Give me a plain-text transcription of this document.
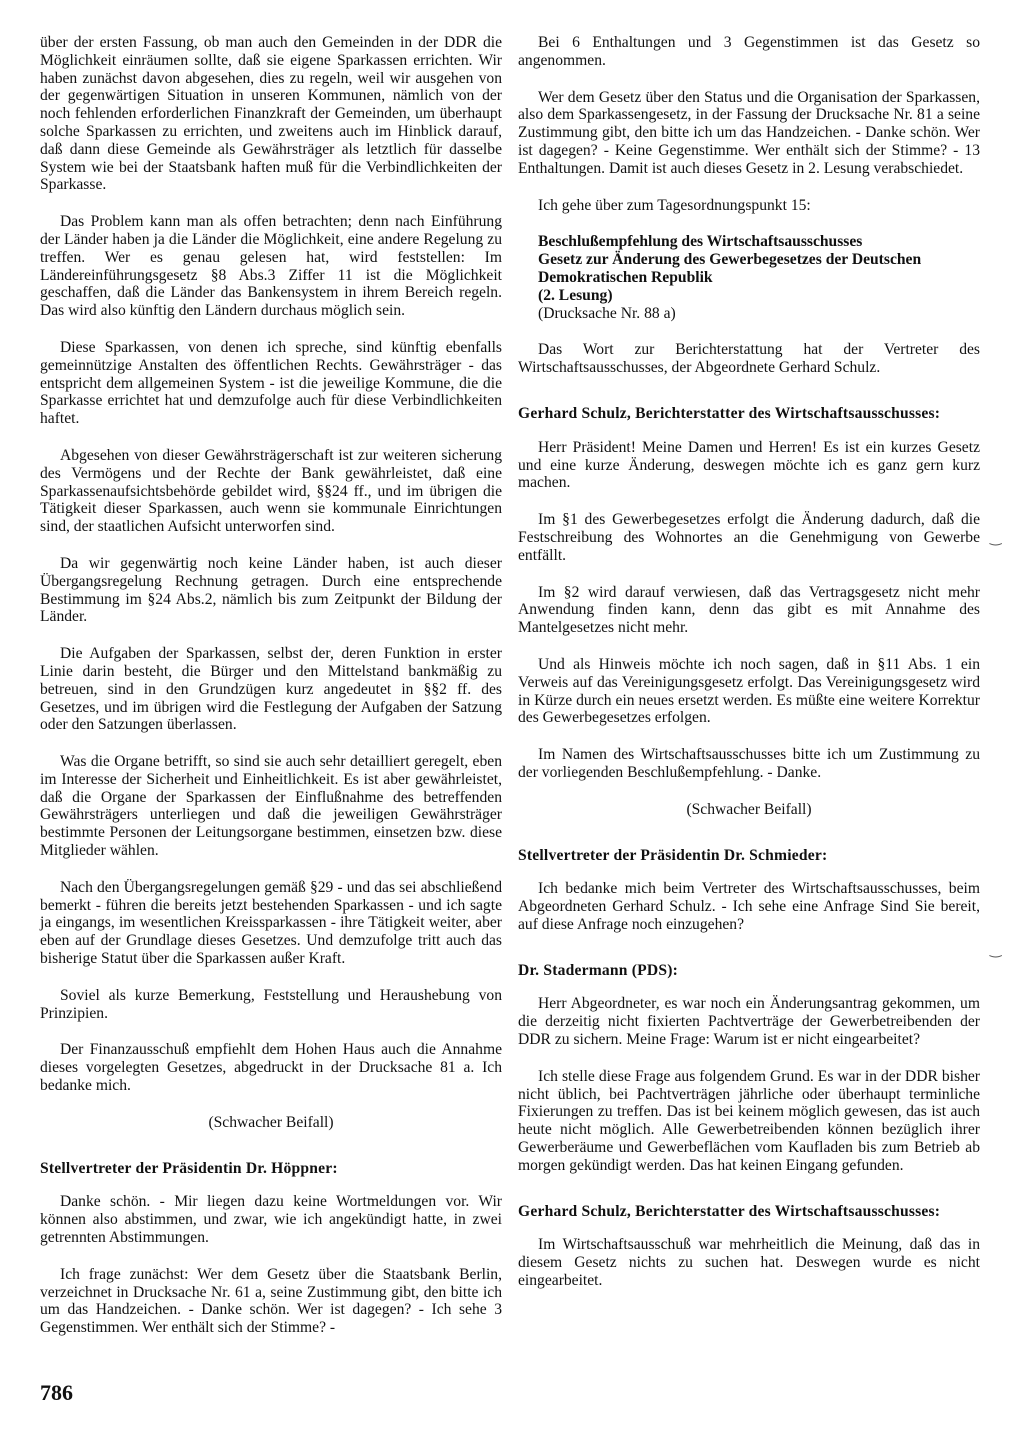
über der ersten Fassung, ob man auch den Gemeinden in der DDR die Möglichkeit einräumen sollte, daß sie eigene Sparkassen errichten. Wir haben zunächst davon abgesehen, dies zu regeln, weil wir ausgehen von der gegenwärtigen Situation in unseren Kommunen, nämlich von der noch fehlenden erforderlichen Finanzkraft der Gemeinden, um überhaupt solche Sparkassen zu errichten, und zweitens auch im Hinblick darauf, daß dann diese Gemeinde als Gewährsträger als letztlich für dasselbe System wie bei der Staatsbank haften muß für die Verbindlichkeiten der Sparkasse.

Das Problem kann man als offen betrachten; denn nach Einführung der Länder haben ja die Länder die Möglichkeit, eine andere Regelung zu treffen. Wer es genau gelesen hat, wird feststellen: Im Ländereinführungsgesetz §8 Abs.3 Ziffer 11 ist die Möglichkeit geschaffen, daß die Länder das Bankensystem in ihrem Bereich regeln. Das wird also künftig den Ländern durchaus möglich sein.

Diese Sparkassen, von denen ich spreche, sind künftig ebenfalls gemeinnützige Anstalten des öffentlichen Rechts. Gewährsträger - das entspricht dem allgemeinen System - ist die jeweilige Kommune, die die Sparkasse errichtet hat und demzufolge auch für diese Verbindlichkeiten haftet.

Abgesehen von dieser Gewährsträgerschaft ist zur weiteren sicherung des Vermögens und der Rechte der Bank gewährleistet, daß eine Sparkassenaufsichtsbehörde gebildet wird, §§24 ff., und im übrigen die Tätigkeit dieser Sparkassen, auch wenn sie kommunale Einrichtungen sind, der staatlichen Aufsicht unterworfen sind.

Da wir gegenwärtig noch keine Länder haben, ist auch dieser Übergangsregelung Rechnung getragen. Durch eine entsprechende Bestimmung im §24 Abs.2, nämlich bis zum Zeitpunkt der Bildung der Länder.

Die Aufgaben der Sparkassen, selbst der, deren Funktion in erster Linie darin besteht, die Bürger und den Mittelstand bankmäßig zu betreuen, sind in den Grundzügen kurz angedeutet in §§2 ff. des Gesetzes, und im übrigen wird die Festlegung der Aufgaben der Satzung oder den Satzungen überlassen.

Was die Organe betrifft, so sind sie auch sehr detailliert geregelt, eben im Interesse der Sicherheit und Einheitlichkeit. Es ist aber gewährleistet, daß die Organe der Sparkassen der Einflußnahme des betreffenden Gewährsträgers unterliegen und daß die jeweiligen Gewährsträger bestimmte Personen der Leitungsorgane bestimmen, einsetzen bzw. diese Mitglieder wählen.

Nach den Übergangsregelungen gemäß §29 - und das sei abschließend bemerkt - führen die bereits jetzt bestehenden Sparkassen - und ich sagte ja eingangs, im wesentlichen Kreissparkassen - ihre Tätigkeit weiter, aber eben auf der Grundlage dieses Gesetzes. Und demzufolge tritt auch das bisherige Statut über die Sparkassen außer Kraft.

Soviel als kurze Bemerkung, Feststellung und Heraushebung von Prinzipien.

Der Finanzausschuß empfiehlt dem Hohen Haus auch die Annahme dieses vorgelegten Gesetzes, abgedruckt in der Drucksache 81 a. Ich bedanke mich.

(Schwacher Beifall)

Stellvertreter der Präsidentin Dr. Höppner:

Danke schön. - Mir liegen dazu keine Wortmeldungen vor. Wir können also abstimmen, und zwar, wie ich angekündigt hatte, in zwei getrennten Abstimmungen.

Ich frage zunächst: Wer dem Gesetz über die Staatsbank Berlin, verzeichnet in Drucksache Nr. 61 a, seine Zustimmung gibt, den bitte ich um das Handzeichen. - Danke schön. Wer ist dagegen? - Ich sehe 3 Gegenstimmen. Wer enthält sich der Stimme? -

Bei 6 Enthaltungen und 3 Gegenstimmen ist das Gesetz so angenommen.

Wer dem Gesetz über den Status und die Organisation der Sparkassen, also dem Sparkassengesetz, in der Fassung der Drucksache Nr. 81 a seine Zustimmung gibt, den bitte ich um das Handzeichen. - Danke schön. Wer ist dagegen? - Keine Gegenstimme. Wer enthält sich der Stimme? - 13 Enthaltungen. Damit ist auch dieses Gesetz in 2. Lesung verabschiedet.

Ich gehe über zum Tagesordnungspunkt 15:

Beschlußempfehlung des Wirtschaftsausschusses
Gesetz zur Änderung des Gewerbegesetzes der Deutschen Demokratischen Republik
(2. Lesung)
(Drucksache Nr. 88 a)

Das Wort zur Berichterstattung hat der Vertreter des Wirtschaftsausschusses, der Abgeordnete Gerhard Schulz.

Gerhard Schulz, Berichterstatter des Wirtschaftsausschusses:

Herr Präsident! Meine Damen und Herren! Es ist ein kurzes Gesetz und eine kurze Änderung, deswegen möchte ich es ganz gern kurz machen.

Im §1 des Gewerbegesetzes erfolgt die Änderung dadurch, daß die Festschreibung des Wohnortes an die Genehmigung von Gewerbe entfällt.

Im §2 wird darauf verwiesen, daß das Vertragsgesetz nicht mehr Anwendung finden kann, denn das gibt es mit Annahme des Mantelgesetzes nicht mehr.

Und als Hinweis möchte ich noch sagen, daß in §11 Abs. 1 ein Verweis auf das Vereinigungsgesetz erfolgt. Das Vereinigungsgesetz wird in Kürze durch ein neues ersetzt werden. Es müßte eine weitere Korrektur des Gewerbegesetzes erfolgen.

Im Namen des Wirtschaftsausschusses bitte ich um Zustimmung zu der vorliegenden Beschlußempfehlung. - Danke.

(Schwacher Beifall)

Stellvertreter der Präsidentin Dr. Schmieder:

Ich bedanke mich beim Vertreter des Wirtschaftsausschusses, beim Abgeordneten Gerhard Schulz. - Ich sehe eine Anfrage Sind Sie bereit, auf diese Anfrage noch einzugehen?

Dr. Stadermann (PDS):

Herr Abgeordneter, es war noch ein Änderungsantrag gekommen, um die derzeitig nicht fixierten Pachtverträge der Gewerbetreibenden der DDR zu sichern. Meine Frage: Warum ist er nicht eingearbeitet?

Ich stelle diese Frage aus folgendem Grund. Es war in der DDR bisher nicht üblich, bei Pachtverträgen jährliche oder überhaupt terminliche Fixierungen zu treffen. Das ist bei keinem möglich gewesen, das ist auch heute nicht möglich. Alle Gewerbetreibenden können bezüglich ihrer Gewerberäume und Gewerbeflächen vom Kaufladen bis zum Betrieb ab morgen gekündigt werden. Das hat keinen Eingang gefunden.

Gerhard Schulz, Berichterstatter des Wirtschaftsausschusses:

Im Wirtschaftsausschuß war mehrheitlich die Meinung, daß das in diesem Gesetz nichts zu suchen hat. Deswegen wurde es nicht eingearbeitet.

786
‿
‿
